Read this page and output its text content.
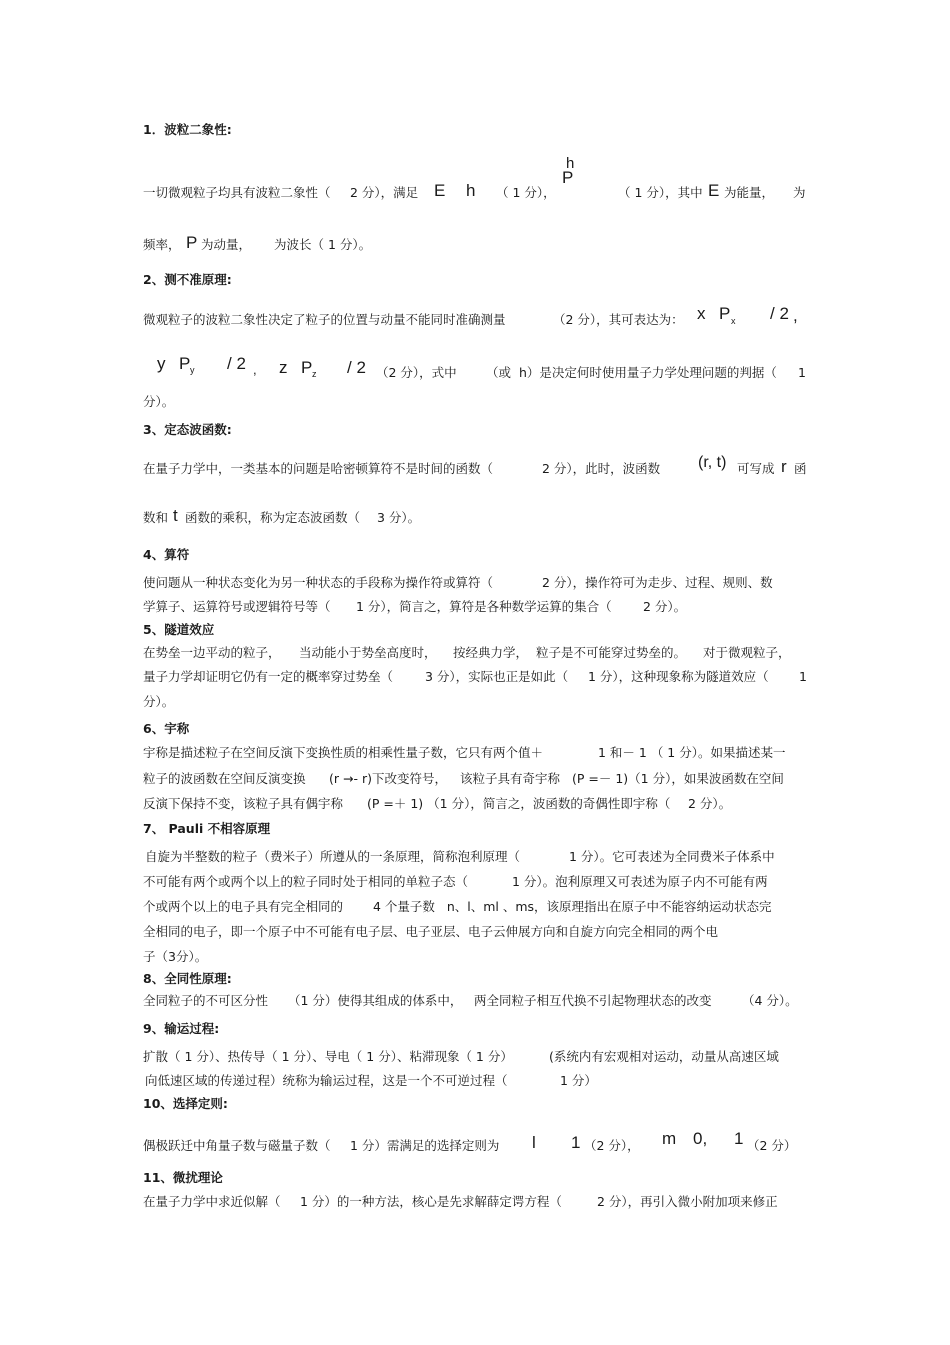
1．波粒二象性:
h
P
一切微观粒子均具有波粒二象性（ 2 分），满足 E h （ 1 分），	（ 1 分），其中 E 为能量， 为
频率， P 为动量， 为波长（ 1 分）。
2、测不准原理:
微观粒子的波粒二象性决定了粒子的位置与动量不能同时准确测量	（2 分），其可表达为： x P x / 2 ,
y P y / 2 , z P z / 2 （2 分），式中 （或  h）是决定何时使用量子力学处理问题的判据（ 1
分）。
3、定态波函数:
在量子力学中，一类基本的问题是哈密顿算符不是时间的函数（	2 分），此时，波函数 (r, t) 可写成 r 函
数和 t 函数的乘积，称为定态波函数（ 3 分）。
4、算符
使问题从一种状态变化为另一种状态的手段称为操作符或算符（	2 分），操作符可为走步、过程、规则、数
学算子、运算符号或逻辑符号等（ 1 分），简言之，算符是各种数学运算的集合（	2 分）。
5、隧道效应
在势垒一边平动的粒子， 当动能小于势垒高度时， 按经典力学， 粒子是不可能穿过势垒的。 对于微观粒子，
量子力学却证明它仍有一定的概率穿过势垒（	3 分），实际也正是如此（ 1 分），这种现象称为隧道效应（ 1
分）。
6、宇称
宇称是描述粒子在空间反演下变换性质的相乘性量子数，它只有两个值＋	1 和－ 1 （ 1 分）。如果描述某一
粒子的波函数在空间反演变换 (r →- r)下改变符号， 该粒子具有奇宇称 (P =－ 1)（1 分），如果波函数在空间
反演下保持不变，该粒子具有偶宇称 (P =＋ 1) （1 分），简言之，波函数的奇偶性即宇称（ 2 分）。
7、 Pauli 不相容原理
自旋为半整数的粒子（费米子）所遵从的一条原理，简称泡利原理（	1 分）。它可表述为全同费米子体系中
不可能有两个或两个以上的粒子同时处于相同的单粒子态（	1 分）。泡利原理又可表述为原子内不可能有两
个或两个以上的电子具有完全相同的 4 个量子数   n、l、ml 、ms，该原理指出在原子中不能容纳运动状态完
全相同的电子，即一个原子中不可能有电子层、电子亚层、电子云伸展方向和自旋方向完全相同的两个电
子（3分）。
8、全同性原理:
全同粒子的不可区分性 （1 分）使得其组成的体系中， 两全同粒子相互代换不引起物理状态的改变 （4 分）。
9、输运过程:
扩散（ 1 分）、热传导（ 1 分）、导电（ 1 分）、粘滞现象（ 1 分）	(系统内有宏观相对运动，动量从高速区域
向低速区域的传递过程）统称为输运过程，这是一个不可逆过程（	1 分）
10、选择定则:
偶极跃迁中角量子数与磁量子数（ 1 分）需满足的选择定则为 l 1 （2 分）， m 0, 1 （2 分）
11、微扰理论
在量子力学中求近似解（ 1 分）的一种方法，核心是先求解薛定谔方程（	2 分），再引入微小附加项来修正
